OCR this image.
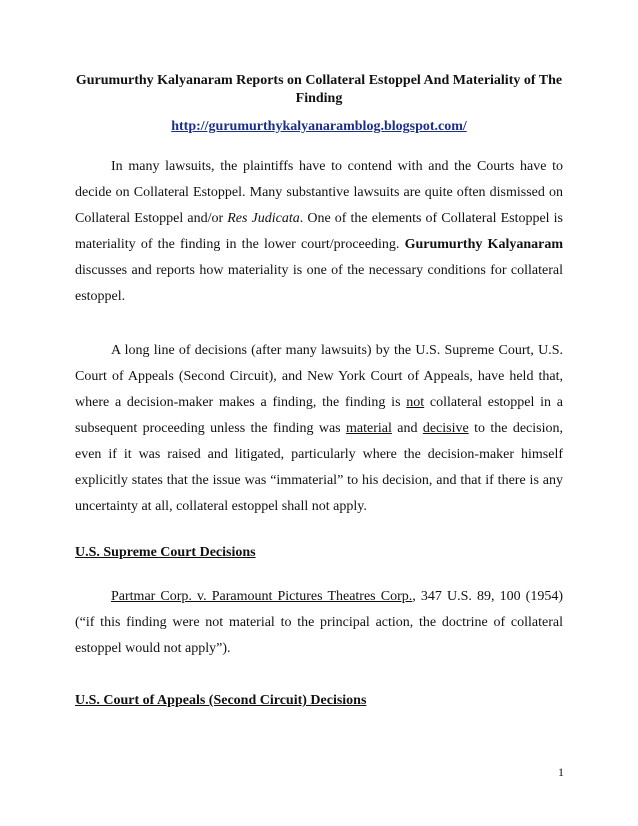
Gurumurthy Kalyanaram Reports on Collateral Estoppel And Materiality of The Finding

http://gurumurthykalyanaramblog.blogspot.com/

In many lawsuits, the plaintiffs have to contend with and the Courts have to decide on Collateral Estoppel. Many substantive lawsuits are quite often dismissed on Collateral Estoppel and/or Res Judicata. One of the elements of Collateral Estoppel is materiality of the finding in the lower court/proceeding. Gurumurthy Kalyanaram discusses and reports how materiality is one of the necessary conditions for collateral estoppel.

A long line of decisions (after many lawsuits) by the U.S. Supreme Court, U.S. Court of Appeals (Second Circuit), and New York Court of Appeals, have held that, where a decision-maker makes a finding, the finding is not collateral estoppel in a subsequent proceeding unless the finding was material and decisive to the decision, even if it was raised and litigated, particularly where the decision-maker himself explicitly states that the issue was “immaterial” to his decision, and that if there is any uncertainty at all, collateral estoppel shall not apply.

U.S. Supreme Court Decisions

Partmar Corp. v. Paramount Pictures Theatres Corp., 347 U.S. 89, 100 (1954) (“if this finding were not material to the principal action, the doctrine of collateral estoppel would not apply”).

U.S. Court of Appeals (Second Circuit) Decisions

1
